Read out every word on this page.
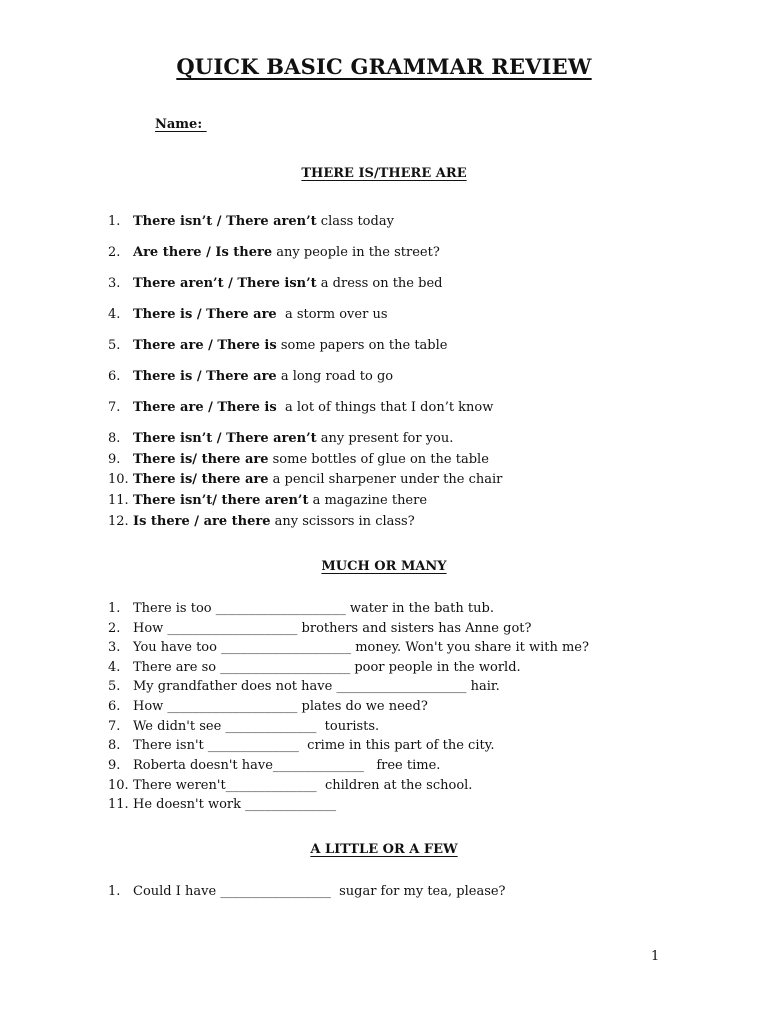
QUICK BASIC GRAMMAR REVIEW
Name:
THERE IS/THERE ARE
1. There isn’t / There aren’t class today
2. Are there / Is there any people in the street?
3. There aren’t / There isn’t a dress on the bed
4. There is / There are  a storm over us
5. There are / There is some papers on the table
6. There is / There are a long road to go
7. There are / There is  a lot of things that I don’t know
8. There isn’t / There aren’t any present for you.
9. There is/ there are some bottles of glue on the table
10. There is/ there are a pencil sharpener under the chair
11. There isn’t/ there aren’t a magazine there
12. Is there / are there any scissors in class?
MUCH OR MANY
1. There is too ____________________ water in the bath tub.
2. How ____________________ brothers and sisters has Anne got?
3. You have too ____________________ money. Won't you share it with me?
4. There are so ____________________ poor people in the world.
5. My grandfather does not have ____________________ hair.
6. How ____________________ plates do we need?
7. We didn't see ______________  tourists.
8. There isn't ______________  crime in this part of the city.
9. Roberta doesn't have______________   free time.
10. There weren't______________  children at the school.
11. He doesn't work ______________
A LITTLE OR A FEW
1. Could I have _________________  sugar for my tea, please?
1
